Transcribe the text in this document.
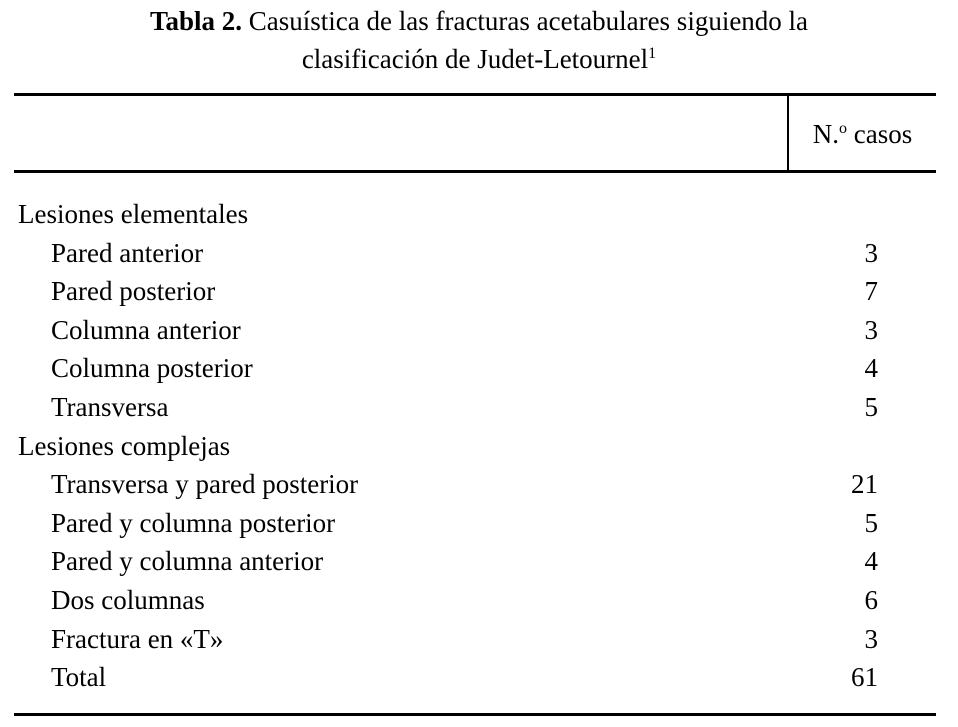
Tabla 2. Casuística de las fracturas acetabulares siguiendo la
clasificación de Judet-Letournel$^1$
N.$^o$ casos
Lesiones elementales
Pared anterior	3
Pared posterior	7
Columna anterior	3
Columna posterior	4
Transversa	5
Lesiones complejas
Transversa y pared posterior	21
Pared y columna posterior	5
Pared y columna anterior	4
Dos columnas	6
Fractura en «T»	3
Total	61
